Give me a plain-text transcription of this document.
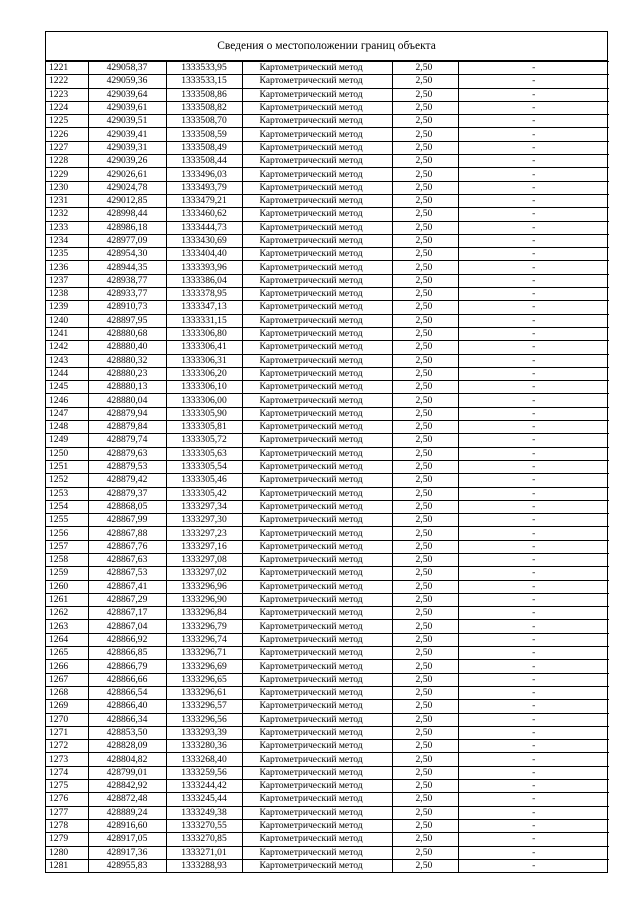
Сведения о местоположении границ объекта
1221	429058,37	1333533,95	Картометрический метод	2,50	-
1222	429059,36	1333533,15	Картометрический метод	2,50	-
1223	429039,64	1333508,86	Картометрический метод	2,50	-
1224	429039,61	1333508,82	Картометрический метод	2,50	-
1225	429039,51	1333508,70	Картометрический метод	2,50	-
1226	429039,41	1333508,59	Картометрический метод	2,50	-
1227	429039,31	1333508,49	Картометрический метод	2,50	-
1228	429039,26	1333508,44	Картометрический метод	2,50	-
1229	429026,61	1333496,03	Картометрический метод	2,50	-
1230	429024,78	1333493,79	Картометрический метод	2,50	-
1231	429012,85	1333479,21	Картометрический метод	2,50	-
1232	428998,44	1333460,62	Картометрический метод	2,50	-
1233	428986,18	1333444,73	Картометрический метод	2,50	-
1234	428977,09	1333430,69	Картометрический метод	2,50	-
1235	428954,30	1333404,40	Картометрический метод	2,50	-
1236	428944,35	1333393,96	Картометрический метод	2,50	-
1237	428938,77	1333386,04	Картометрический метод	2,50	-
1238	428933,77	1333378,95	Картометрический метод	2,50	-
1239	428910,73	1333347,13	Картометрический метод	2,50	-
1240	428897,95	1333331,15	Картометрический метод	2,50	-
1241	428880,68	1333306,80	Картометрический метод	2,50	-
1242	428880,40	1333306,41	Картометрический метод	2,50	-
1243	428880,32	1333306,31	Картометрический метод	2,50	-
1244	428880,23	1333306,20	Картометрический метод	2,50	-
1245	428880,13	1333306,10	Картометрический метод	2,50	-
1246	428880,04	1333306,00	Картометрический метод	2,50	-
1247	428879,94	1333305,90	Картометрический метод	2,50	-
1248	428879,84	1333305,81	Картометрический метод	2,50	-
1249	428879,74	1333305,72	Картометрический метод	2,50	-
1250	428879,63	1333305,63	Картометрический метод	2,50	-
1251	428879,53	1333305,54	Картометрический метод	2,50	-
1252	428879,42	1333305,46	Картометрический метод	2,50	-
1253	428879,37	1333305,42	Картометрический метод	2,50	-
1254	428868,05	1333297,34	Картометрический метод	2,50	-
1255	428867,99	1333297,30	Картометрический метод	2,50	-
1256	428867,88	1333297,23	Картометрический метод	2,50	-
1257	428867,76	1333297,16	Картометрический метод	2,50	-
1258	428867,63	1333297,08	Картометрический метод	2,50	-
1259	428867,53	1333297,02	Картометрический метод	2,50	-
1260	428867,41	1333296,96	Картометрический метод	2,50	-
1261	428867,29	1333296,90	Картометрический метод	2,50	-
1262	428867,17	1333296,84	Картометрический метод	2,50	-
1263	428867,04	1333296,79	Картометрический метод	2,50	-
1264	428866,92	1333296,74	Картометрический метод	2,50	-
1265	428866,85	1333296,71	Картометрический метод	2,50	-
1266	428866,79	1333296,69	Картометрический метод	2,50	-
1267	428866,66	1333296,65	Картометрический метод	2,50	-
1268	428866,54	1333296,61	Картометрический метод	2,50	-
1269	428866,40	1333296,57	Картометрический метод	2,50	-
1270	428866,34	1333296,56	Картометрический метод	2,50	-
1271	428853,50	1333293,39	Картометрический метод	2,50	-
1272	428828,09	1333280,36	Картометрический метод	2,50	-
1273	428804,82	1333268,40	Картометрический метод	2,50	-
1274	428799,01	1333259,56	Картометрический метод	2,50	-
1275	428842,92	1333244,42	Картометрический метод	2,50	-
1276	428872,48	1333245,44	Картометрический метод	2,50	-
1277	428889,24	1333249,38	Картометрический метод	2,50	-
1278	428916,60	1333270,55	Картометрический метод	2,50	-
1279	428917,05	1333270,85	Картометрический метод	2,50	-
1280	428917,36	1333271,01	Картометрический метод	2,50	-
1281	428955,83	1333288,93	Картометрический метод	2,50	-
